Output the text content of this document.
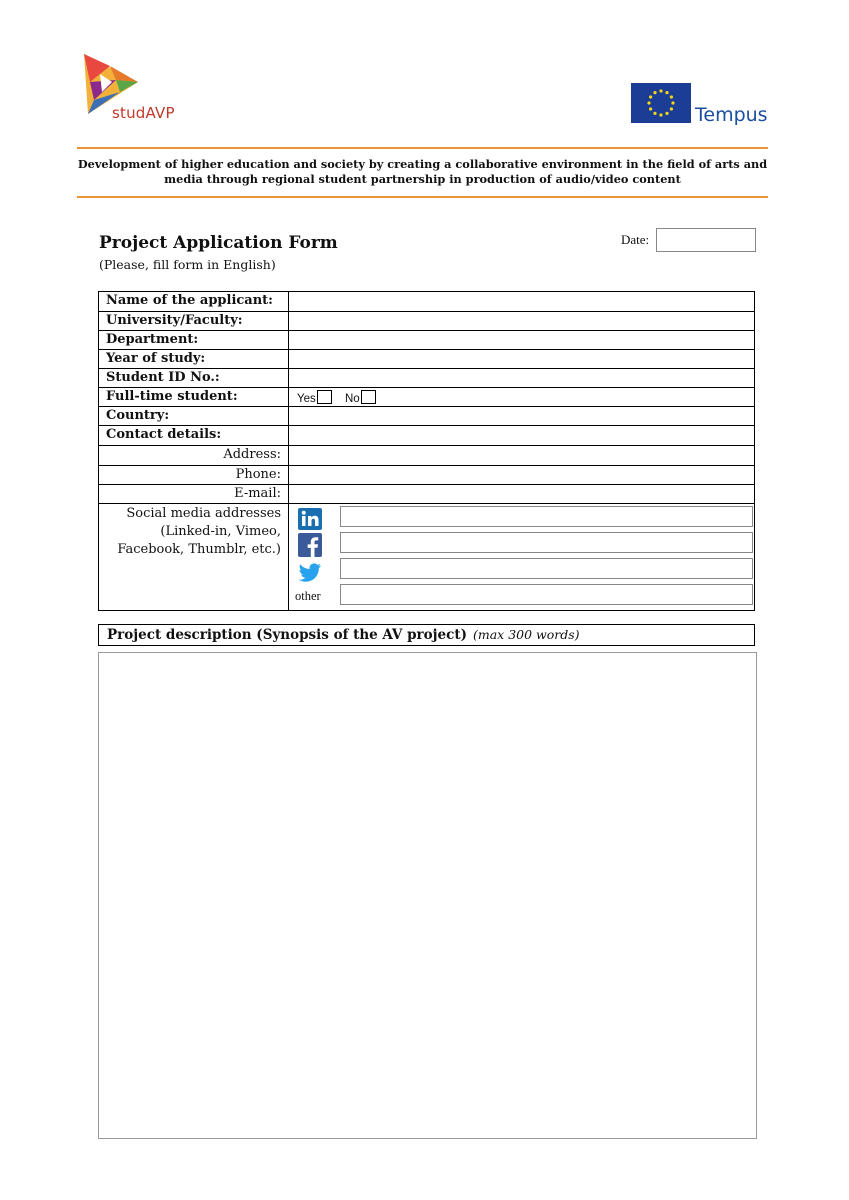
studAVP	Tempus
Development of higher education and society by creating a collaborative environment in the field of arts and media through regional student partnership in production of audio/video content
Project Application Form
(Please, fill form in English)
Date:
Name of the applicant:
University/Faculty:
Department:
Year of study:
Student ID No.:
Full-time student:	Yes	No
Country:
Contact details:
Address:
Phone:
E-mail:
Social media addresses (Linked-in, Vimeo, Facebook, Thumblr, etc.)
other
Project description (Synopsis of the AV project) (max 300 words)
